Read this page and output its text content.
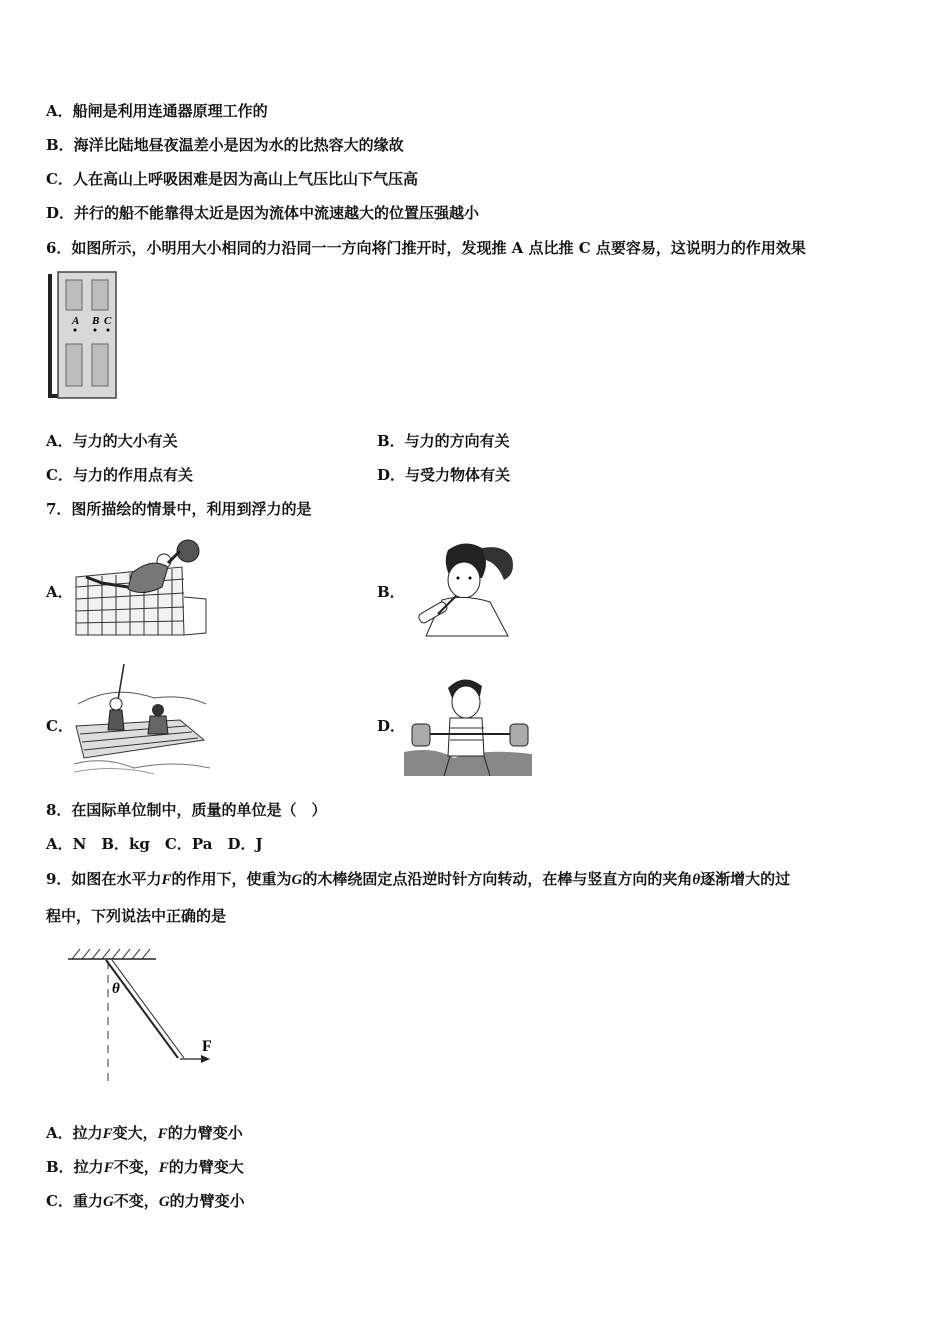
A．船闸是利用连通器原理工作的
B．海洋比陆地昼夜温差小是因为水的比热容大的缘故
C．人在高山上呼吸困难是因为高山上气压比山下气压高
D．并行的船不能靠得太近是因为流体中流速越大的位置压强越小
6．如图所示，小明用大小相同的力沿同一一方向将门推开时，发现推 A 点比推 C 点要容易，这说明力的作用效果
A B C
A．与力的大小有关	B．与力的方向有关
C．与力的作用点有关	D．与受力物体有关
7．图所描绘的情景中，利用到浮力的是
A．	B．
C．	D．
8．在国际单位制中，质量的单位是（　）
A．N　B．kg　C．Pa　D．J
9．如图在水平力F的作用下，使重为G的木棒绕固定点沿逆时针方向转动，在棒与竖直方向的夹角θ逐渐增大的过
程中，下列说法中正确的是
θ
F
A．拉力F变大，F的力臂变小
B．拉力F不变，F的力臂变大
C．重力G不变，G的力臂变小
